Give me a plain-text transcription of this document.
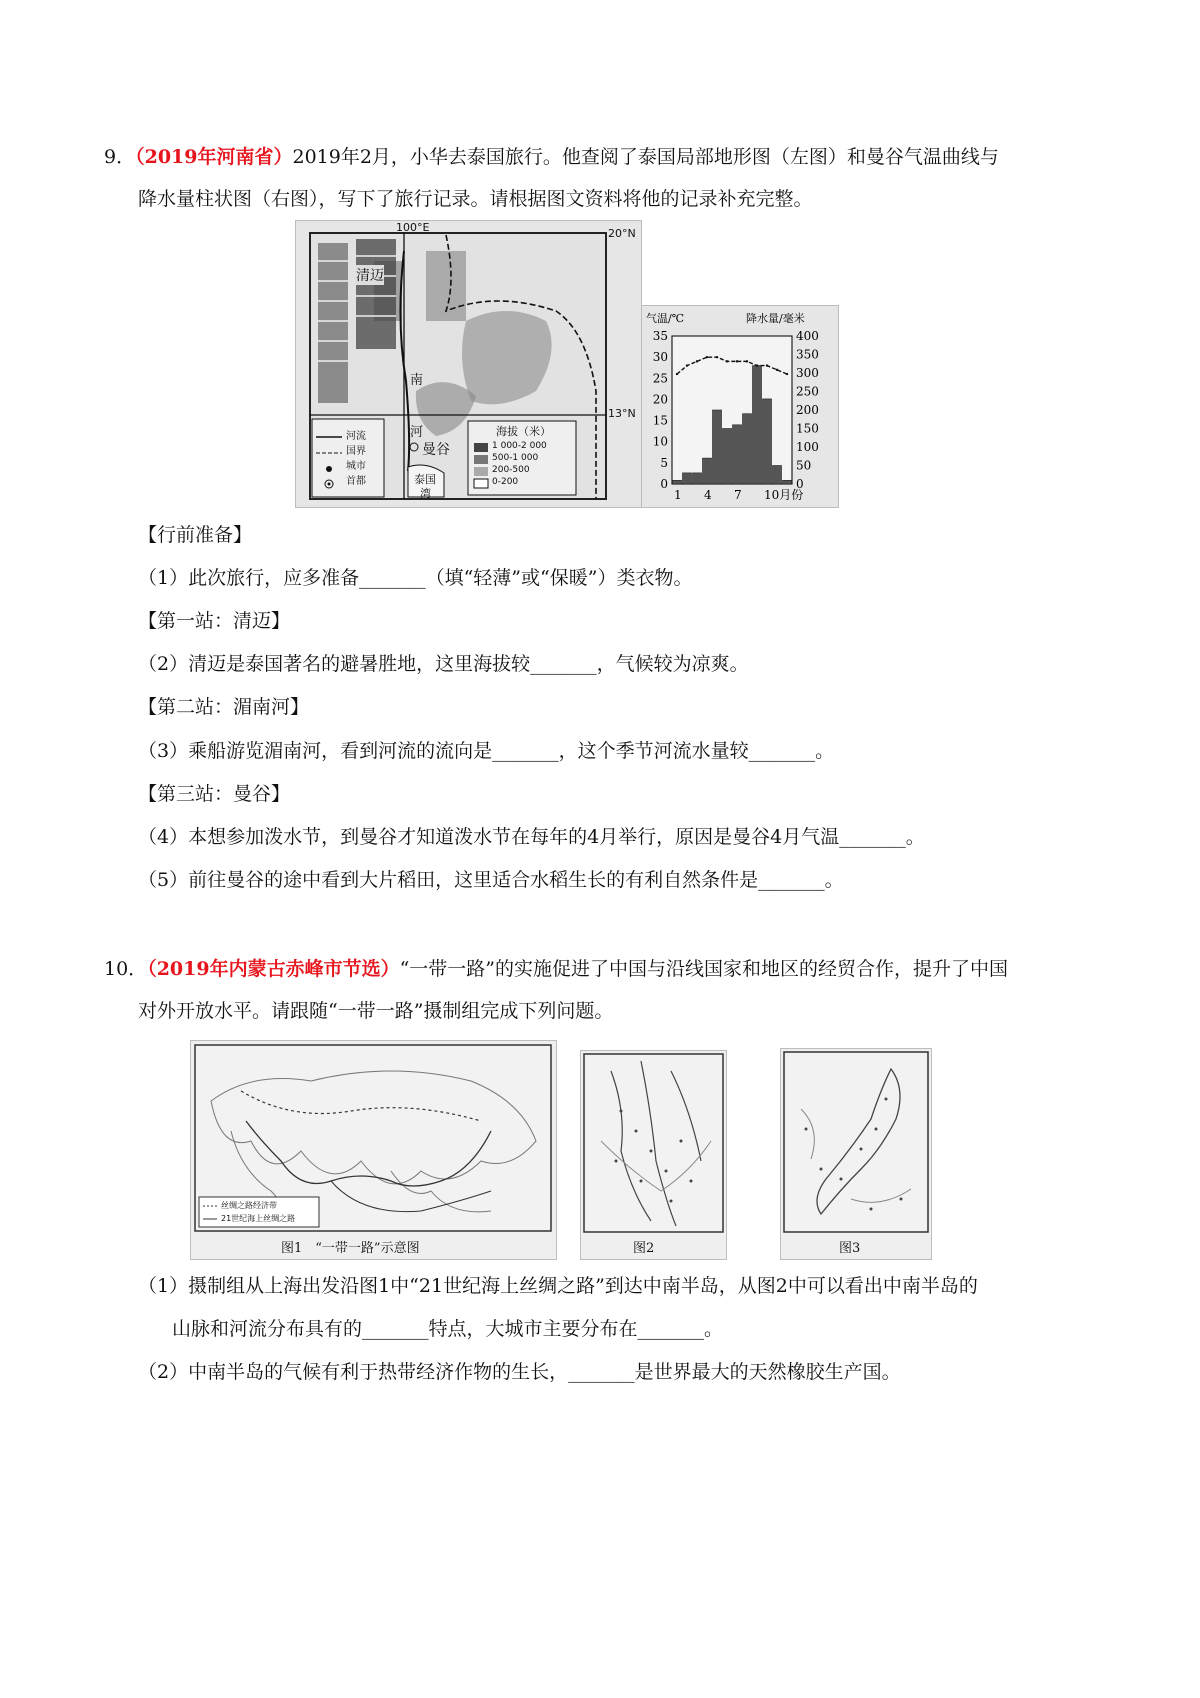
9．（2019年河南省）2019年2月，小华去泰国旅行。他查阅了泰国局部地形图（左图）和曼谷气温曲线与
降水量柱状图（右图），写下了旅行记录。请根据图文资料将他的记录补充完整。
100°E	20°N
13°N
清迈
南
河
曼谷
泰国
湾
河流
国界
城市
首都
海拔（米）
1 000-2 000
500-1 000
200-500
0-200
气温/℃	降水量/毫米
0
5
10
15
20
25
30
35
0
50
100
150
200
250
300
350
400
1 4 7 10月份
【行前准备】
（1）此次旅行，应多准备_______（填“轻薄”或“保暖”）类衣物。
【第一站：清迈】
（2）清迈是泰国著名的避暑胜地，这里海拔较_______，气候较为凉爽。
【第二站：湄南河】
（3）乘船游览湄南河，看到河流的流向是_______，这个季节河流水量较_______。
【第三站：曼谷】
（4）本想参加泼水节，到曼谷才知道泼水节在每年的4月举行，原因是曼谷4月气温_______。
（5）前往曼谷的途中看到大片稻田，这里适合水稻生长的有利自然条件是_______。
10．（2019年内蒙古赤峰市节选）“一带一路”的实施促进了中国与沿线国家和地区的经贸合作，提升了中国
对外开放水平。请跟随“一带一路”摄制组完成下列问题。
丝绸之路经济带
21世纪海上丝绸之路
图1　“一带一路”示意图	图2	图3
（1）摄制组从上海出发沿图1中“21世纪海上丝绸之路”到达中南半岛，从图2中可以看出中南半岛的
山脉和河流分布具有的_______特点，大城市主要分布在_______。
（2）中南半岛的气候有利于热带经济作物的生长，_______是世界最大的天然橡胶生产国。
